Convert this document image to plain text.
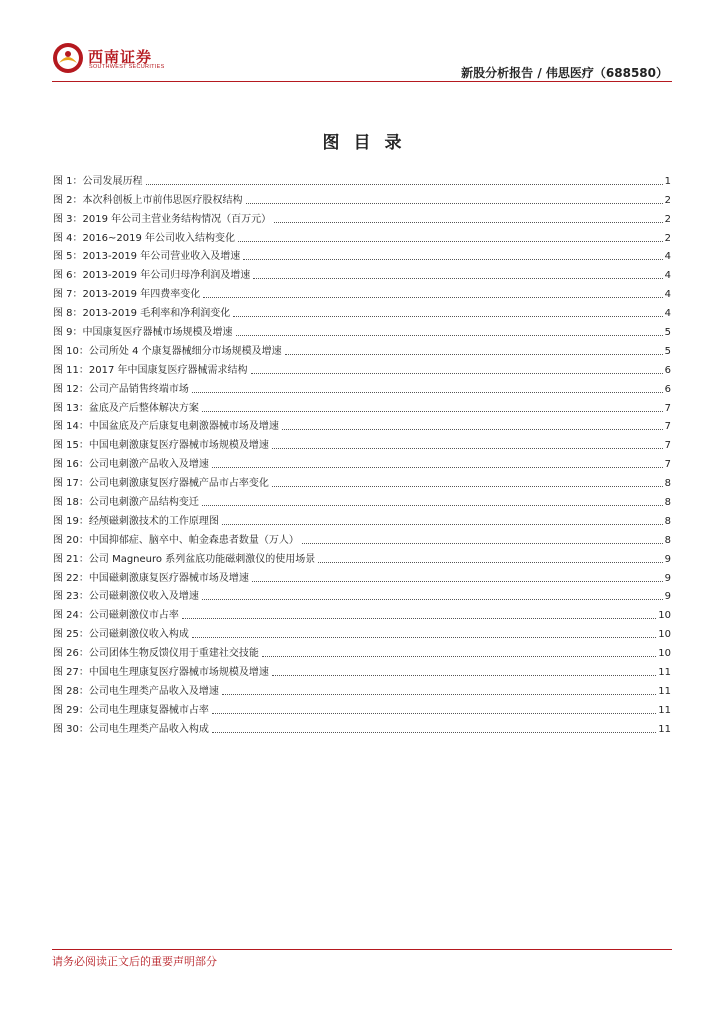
西南证券
SOUTHWEST SECURITIES	新股分析报告 / 伟思医疗（688580）
图目录
图 1：公司发展历程	1
图 2：本次科创板上市前伟思医疗股权结构	2
图 3：2019 年公司主营业务结构情况（百万元）	2
图 4：2016~2019 年公司收入结构变化	2
图 5：2013-2019 年公司营业收入及增速	4
图 6：2013-2019 年公司归母净利润及增速	4
图 7：2013-2019 年四费率变化	4
图 8：2013-2019 毛利率和净利润变化	4
图 9：中国康复医疗器械市场规模及增速	5
图 10：公司所处 4 个康复器械细分市场规模及增速	5
图 11：2017 年中国康复医疗器械需求结构	6
图 12：公司产品销售终端市场	6
图 13：盆底及产后整体解决方案	7
图 14：中国盆底及产后康复电刺激器械市场及增速	7
图 15：中国电刺激康复医疗器械市场规模及增速	7
图 16：公司电刺激产品收入及增速	7
图 17：公司电刺激康复医疗器械产品市占率变化	8
图 18：公司电刺激产品结构变迁	8
图 19：经颅磁刺激技术的工作原理图	8
图 20：中国抑郁症、脑卒中、帕金森患者数量（万人）	8
图 21：公司 Magneuro 系列盆底功能磁刺激仪的使用场景	9
图 22：中国磁刺激康复医疗器械市场及增速	9
图 23：公司磁刺激仪收入及增速	9
图 24：公司磁刺激仪市占率	10
图 25：公司磁刺激仪收入构成	10
图 26：公司团体生物反馈仪用于重建社交技能	10
图 27：中国电生理康复医疗器械市场规模及增速	11
图 28：公司电生理类产品收入及增速	11
图 29：公司电生理康复器械市占率	11
图 30：公司电生理类产品收入构成	11
请务必阅读正文后的重要声明部分
